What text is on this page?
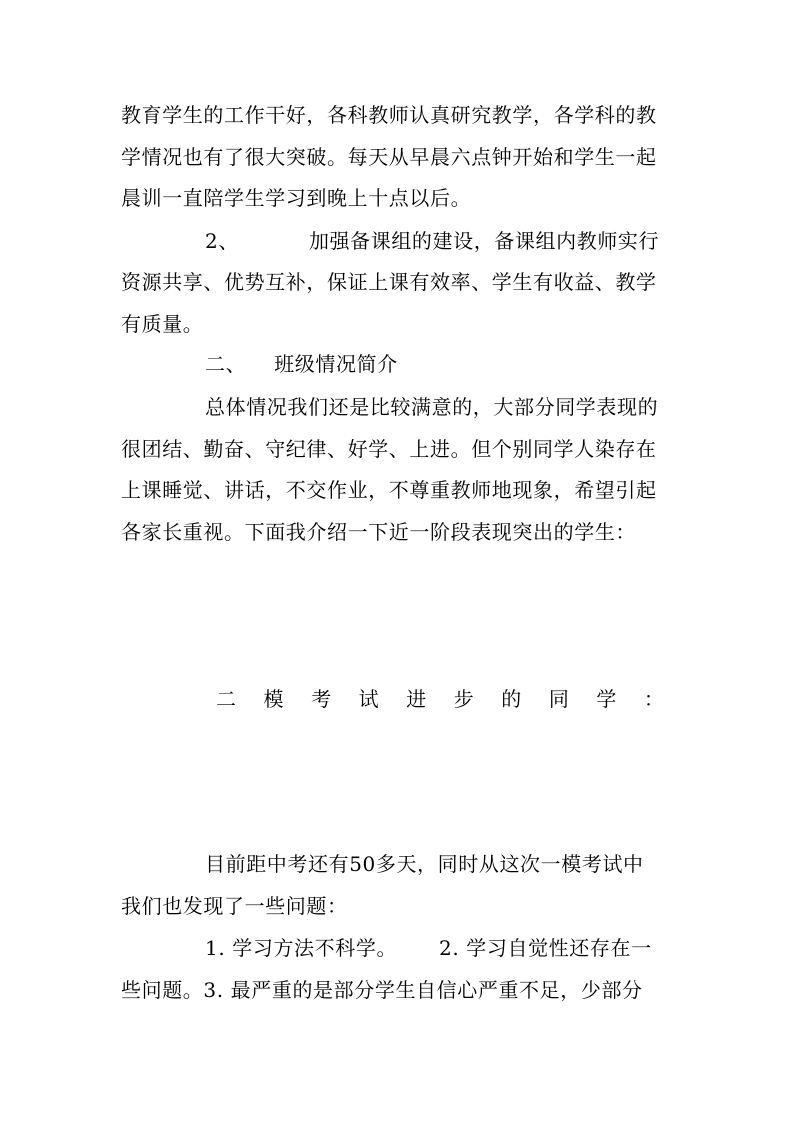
教育学生的工作干好，各科教师认真研究教学，各学科的教
学情况也有了很大突破。每天从早晨六点钟开始和学生一起
晨训一直陪学生学习到晚上十点以后。
2、	加强备课组的建设，备课组内教师实行
资源共享、优势互补，保证上课有效率、学生有收益、教学
有质量。
二、 班级情况简介
总体情况我们还是比较满意的，大部分同学表现的
很团结、勤奋、守纪律、好学、上进。但个别同学人染存在
上课睡觉、讲话，不交作业，不尊重教师地现象，希望引起
各家长重视。下面我介绍一下近一阶段表现突出的学生：
二 模 考 试 进 步 的 同 学 ：
目前距中考还有50多天，同时从这次一模考试中
我们也发现了一些问题：
1. 学习方法不科学。 2. 学习自觉性还存在一
些问题。3. 最严重的是部分学生自信心严重不足，少部分
